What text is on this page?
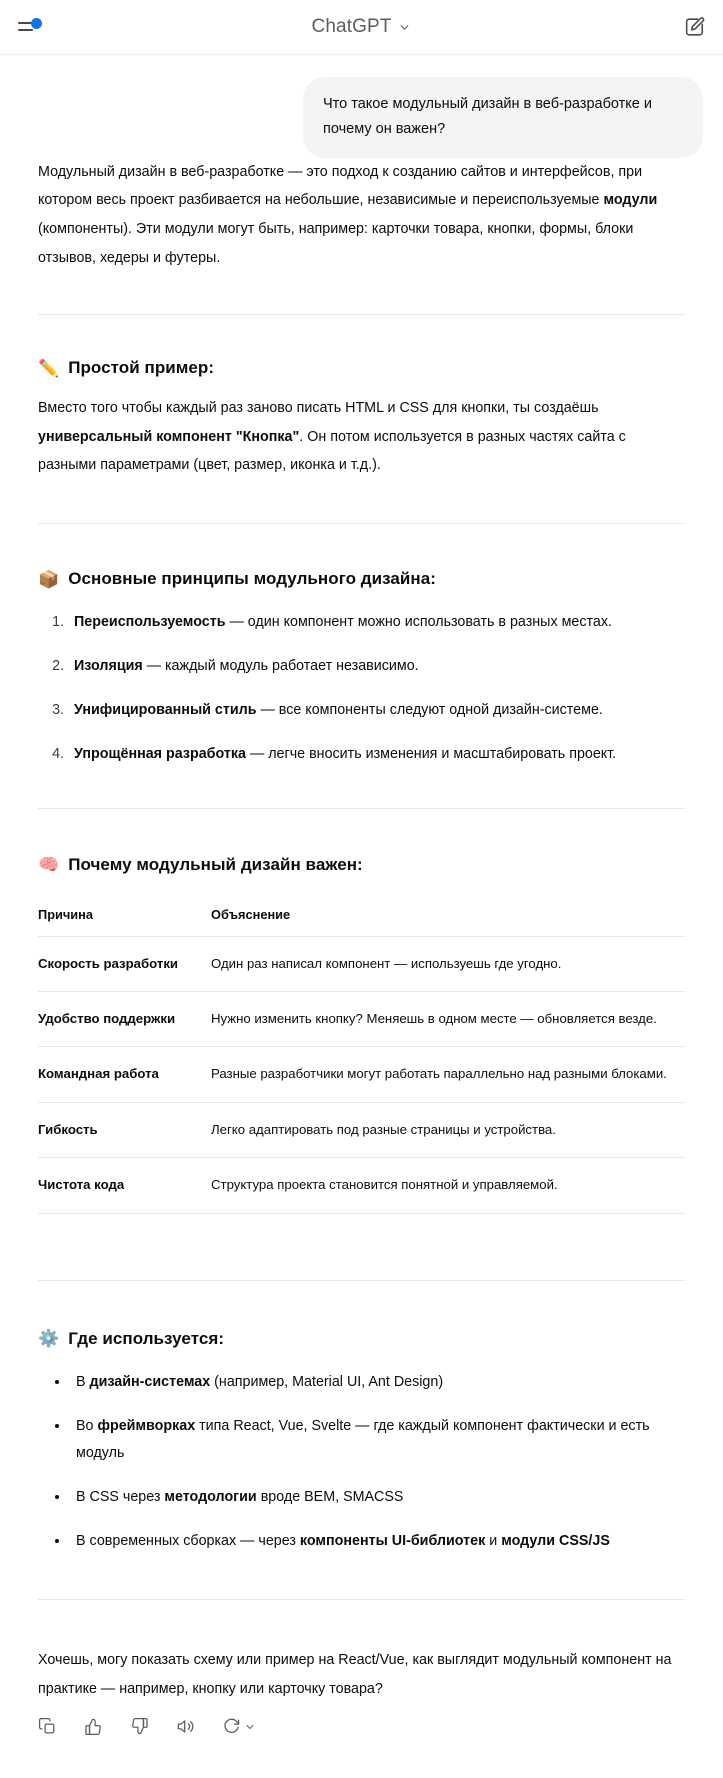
ChatGPT
Что такое модульный дизайн в веб-разработке и почему он важен?

Модульный дизайн в веб-разработке — это подход к созданию сайтов и интерфейсов, при котором весь проект разбивается на небольшие, независимые и переиспользуемые модули (компоненты). Эти модули могут быть, например: карточки товара, кнопки, формы, блоки отзывов, хедеры и футеры.

✏️ Простой пример:

Вместо того чтобы каждый раз заново писать HTML и CSS для кнопки, ты создаёшь универсальный компонент "Кнопка". Он потом используется в разных частях сайта с разными параметрами (цвет, размер, иконка и т.д.).

📦 Основные принципы модульного дизайна:
1. Переиспользуемость — один компонент можно использовать в разных местах.
2. Изоляция — каждый модуль работает независимо.
3. Унифицированный стиль — все компоненты следуют одной дизайн-системе.
4. Упрощённая разработка — легче вносить изменения и масштабировать проект.
🧠 Почему модульный дизайн важен:
Причина	Объяснение
Скорость разработки	Один раз написал компонент — используешь где угодно.
Удобство поддержки	Нужно изменить кнопку? Меняешь в одном месте — обновляется везде.
Командная работа	Разные разработчики могут работать параллельно над разными блоками.
Гибкость	Легко адаптировать под разные страницы и устройства.
Чистота кода	Структура проекта становится понятной и управляемой.
⚙️ Где используется:
• В дизайн-системах (например, Material UI, Ant Design)
• Во фреймворках типа React, Vue, Svelte — где каждый компонент фактически и есть модуль
• В CSS через методологии вроде BEM, SMACSS
• В современных сборках — через компоненты UI-библиотек и модули CSS/JS

Хочешь, могу показать схему или пример на React/Vue, как выглядит модульный компонент на практике — например, кнопку или карточку товара?
